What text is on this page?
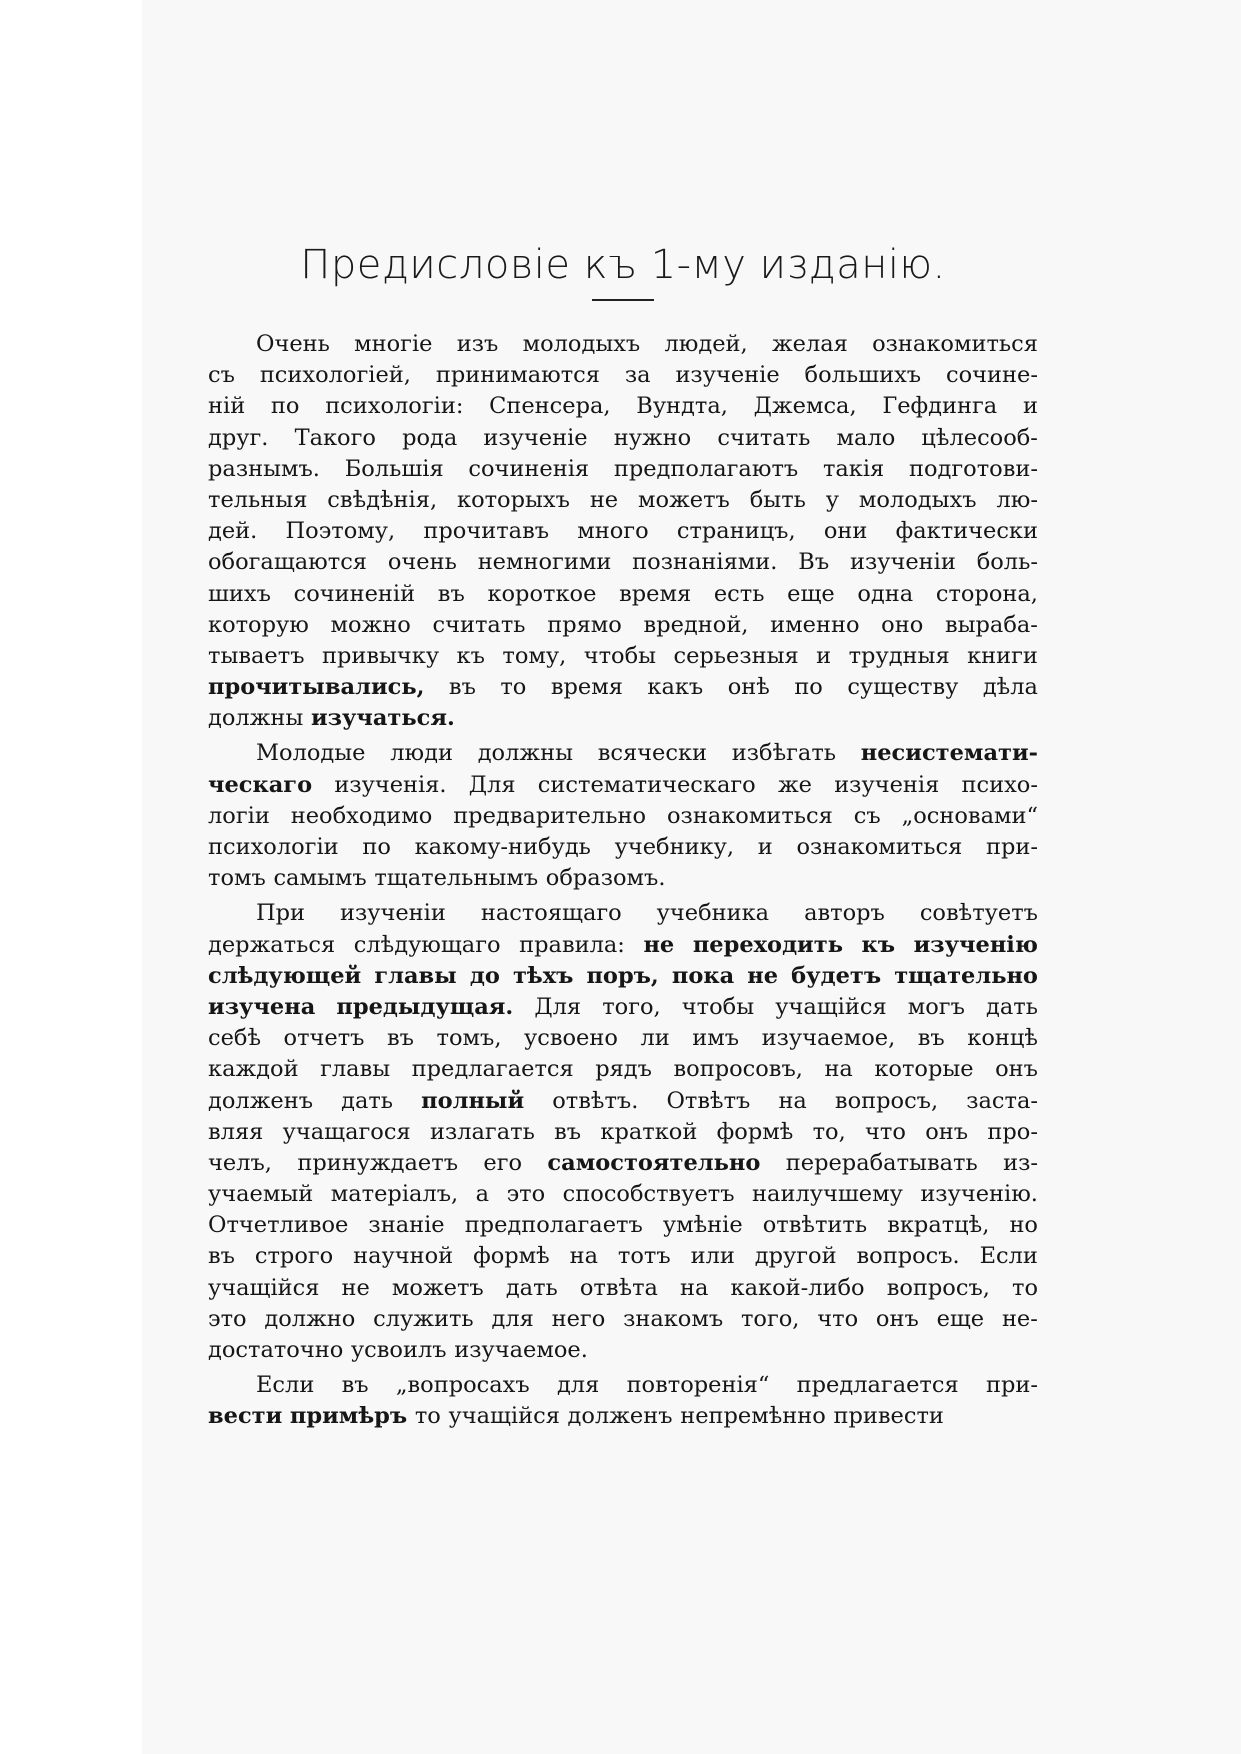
Предисловіе къ 1-му изданію.
Очень многіе изъ молодыхъ людей, желая ознакомиться
съ психологіей, принимаются за изученіе большихъ сочине-
ній по психологіи: Спенсера, Вундта, Джемса, Гефдинга и
друг. Такого рода изученіе нужно считать мало цѣлесооб-
разнымъ. Большія сочиненія предполагаютъ такія подготови-
тельныя свѣдѣнія, которыхъ не можетъ быть у молодыхъ лю-
дей. Поэтому, прочитавъ много страницъ, они фактически
обогащаются очень немногими познаніями. Въ изученіи боль-
шихъ сочиненій въ короткое время есть еще одна сторона,
которую можно считать прямо вредной, именно оно выраба-
тываетъ привычку къ тому, чтобы серьезныя и трудныя книги
прочитывались, въ то время какъ онѣ по существу дѣла
должны изучаться.
Молодые люди должны всячески избѣгать несистемати-
ческаго изученія. Для систематическаго же изученія психо-
логіи необходимо предварительно ознакомиться съ „основами“
психологіи по какому-нибудь учебнику, и ознакомиться при-
томъ самымъ тщательнымъ образомъ.
При изученіи настоящаго учебника авторъ совѣтуетъ
держаться слѣдующаго правила: не переходить къ изученію
слѣдующей главы до тѣхъ поръ, пока не будетъ тщательно
изучена предыдущая. Для того, чтобы учащійся могъ дать
себѣ отчетъ въ томъ, усвоено ли имъ изучаемое, въ концѣ
каждой главы предлагается рядъ вопросовъ, на которые онъ
долженъ дать полный отвѣтъ. Отвѣтъ на вопросъ, заста-
вляя учащагося излагать въ краткой формѣ то, что онъ про-
челъ, принуждаетъ его самостоятельно перерабатывать из-
учаемый матеріалъ, а это способствуетъ наилучшему изученію.
Отчетливое знаніе предполагаетъ умѣніе отвѣтить вкратцѣ, но
въ строго научной формѣ на тотъ или другой вопросъ. Если
учащійся не можетъ дать отвѣта на какой-либо вопросъ, то
это должно служить для него знакомъ того, что онъ еще не-
достаточно усвоилъ изучаемое.
Если въ „вопросахъ для повторенія“ предлагается при-
вести примѣръ то учащійся долженъ непремѣнно привести
